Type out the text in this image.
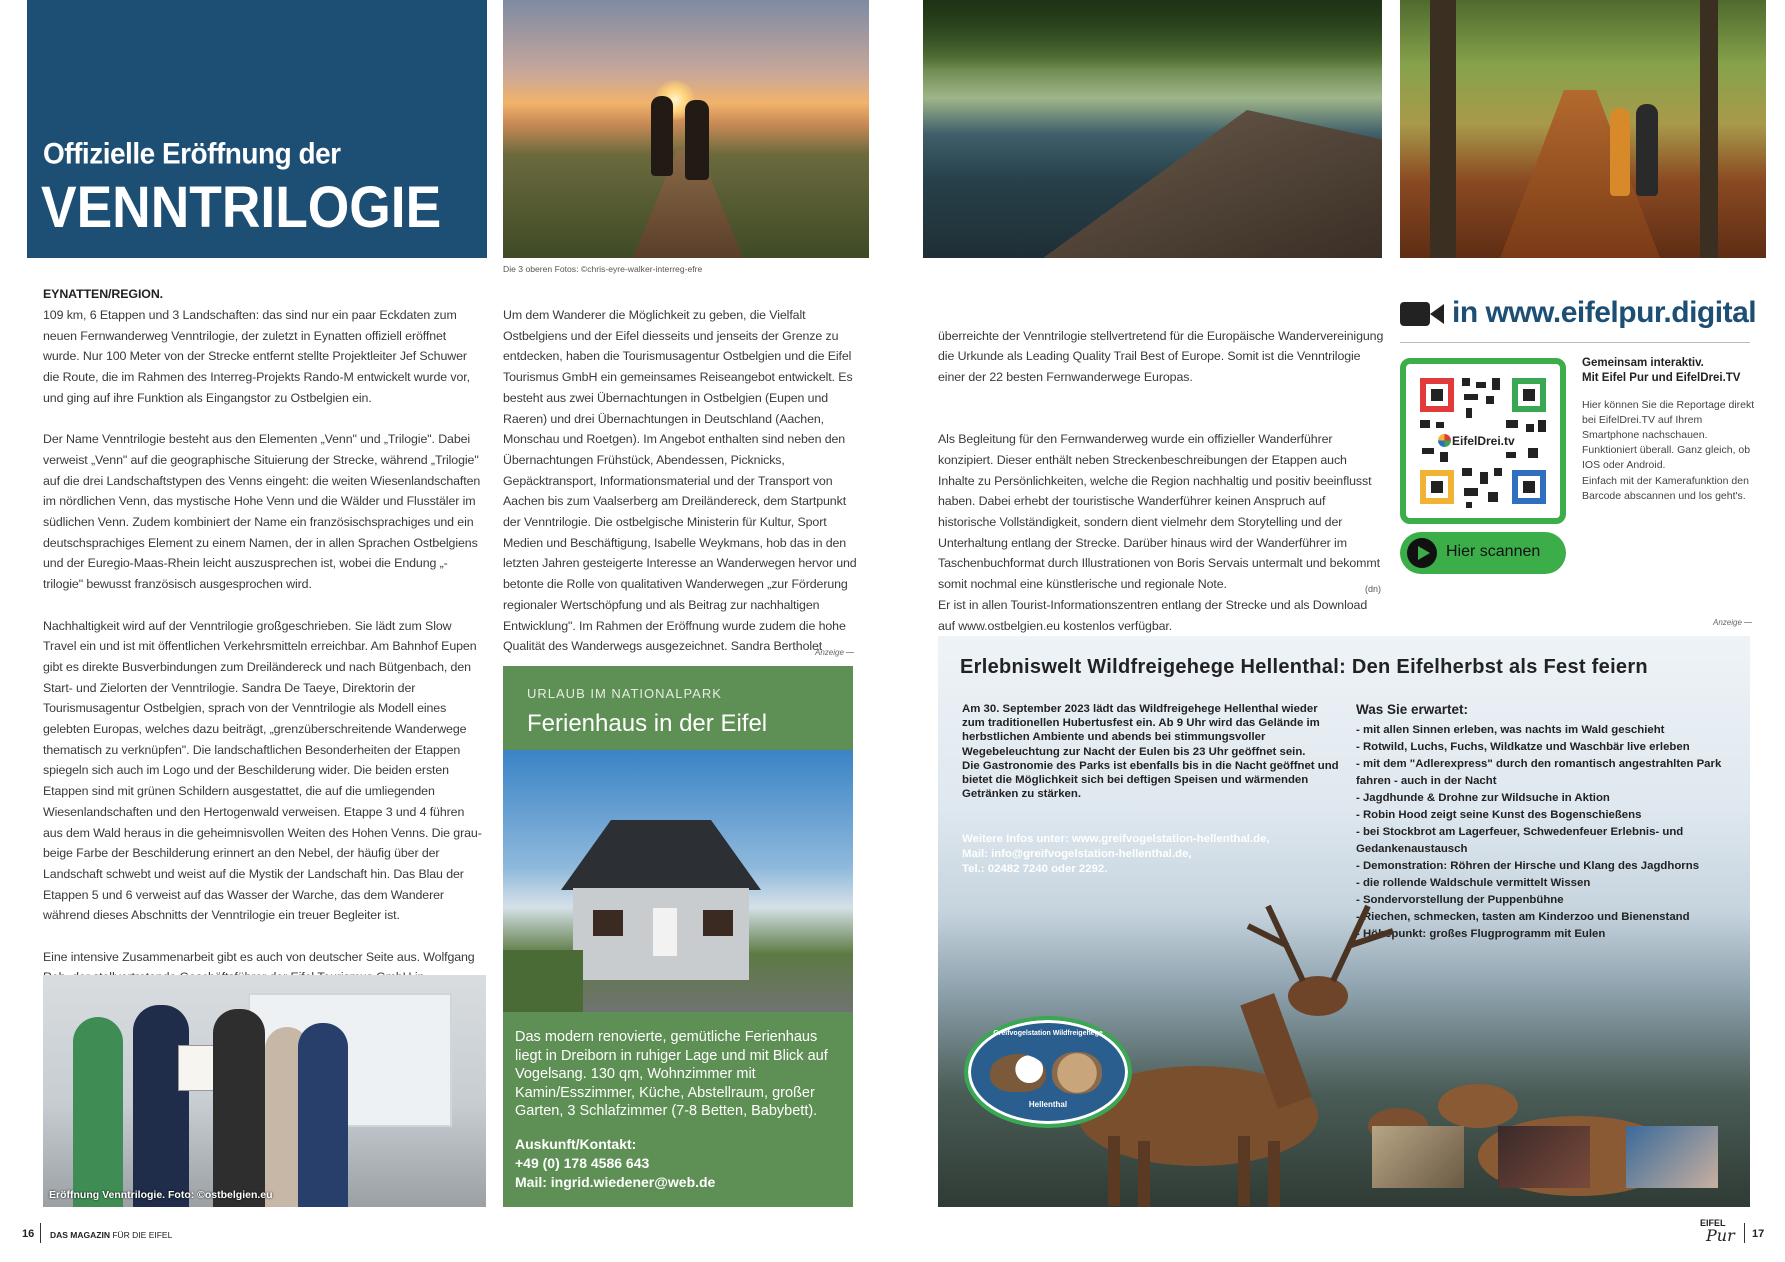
Offizielle Eröffnung der
VENNTRILOGIE
Die 3 oberen Fotos: ©chris-eyre-walker-interreg-efre
EYNATTEN/REGION.

109 km, 6 Etappen und 3 Landschaften: das sind nur ein paar Eckdaten zum neuen Fernwanderweg Venntrilogie, der zuletzt in Eynatten offiziell eröffnet wurde. Nur 100 Meter von der Strecke entfernt stellte Projektleiter Jef Schuwer die Route, die im Rahmen des Interreg-Projekts Rando-M entwickelt wurde vor, und ging auf ihre Funktion als Eingangstor zu Ostbelgien ein.

Der Name Venntrilogie besteht aus den Elementen „Venn" und „Trilogie". Dabei verweist „Venn" auf die geographische Situierung der Strecke, während „Trilogie" auf die drei Landschaftstypen des Venns eingeht: die weiten Wiesenlandschaften im nördlichen Venn, das mystische Hohe Venn und die Wälder und Flusstäler im südlichen Venn. Zudem kombiniert der Name ein französischsprachiges und ein deutschsprachiges Element zu einem Namen, der in allen Sprachen Ostbelgiens und der Euregio-Maas-Rhein leicht auszusprechen ist, wobei die Endung „-trilogie" bewusst französisch ausgesprochen wird.

Nachhaltigkeit wird auf der Venntrilogie großgeschrieben. Sie lädt zum Slow Travel ein und ist mit öffentlichen Verkehrsmitteln erreichbar. Am Bahnhof Eupen gibt es direkte Busverbindungen zum Dreiländereck und nach Bütgenbach, den Start- und Zielorten der Venntrilogie. Sandra De Taeye, Direktorin der Tourismusagentur Ostbelgien, sprach von der Venntrilogie als Modell eines gelebten Europas, welches dazu beiträgt, „grenzüberschreitende Wanderwege thematisch zu verknüpfen". Die landschaftlichen Besonderheiten der Etappen spiegeln sich auch im Logo und der Beschilderung wider. Die beiden ersten Etappen sind mit grünen Schildern ausgestattet, die auf die umliegenden Wiesenlandschaften und den Hertogenwald verweisen. Etappe 3 und 4 führen aus dem Wald heraus in die geheimnisvollen Weiten des Hohen Venns. Die grau-beige Farbe der Beschilderung erinnert an den Nebel, der häufig über der Landschaft schwebt und weist auf die Mystik der Landschaft hin. Das Blau der Etappen 5 und 6 verweist auf das Wasser der Warche, das dem Wanderer während dieses Abschnitts der Venntrilogie ein treuer Begleiter ist.

Eine intensive Zusammenarbeit gibt es auch von deutscher Seite aus. Wolfgang

Eröffnung Venntrilogie. Foto: ©ostbelgien.eu

Um dem Wanderer die Möglichkeit zu geben, die Vielfalt Ostbelgiens und der Eifel diesseits und jenseits der Grenze zu entdecken, haben die Tourismusagentur Ostbelgien und die Eifel Tourismus GmbH ein gemeinsames Reiseangebot entwickelt. Es besteht aus zwei Übernachtungen in Ostbelgien (Eupen und Raeren) und drei Übernachtungen in Deutschland (Aachen, Monschau und Roetgen). Im Angebot enthalten sind neben den Übernachtungen Frühstück, Abendessen, Picknicks, Gepäcktransport, Informationsmaterial und der Transport von Aachen bis zum Vaalserberg am Dreiländereck, dem Startpunkt der Venntrilogie. Die ostbelgische Ministerin für Kultur, Sport Medien und Beschäftigung, Isabelle Weykmans, hob das in den letzten Jahren gesteigerte Interesse an Wanderwegen hervor und betonte die Rolle von qualitativen Wanderwegen „zur Förderung regionaler Wertschöpfung und als Beitrag zur nachhaltigen Entwicklung". Im Rahmen der Eröffnung wurde zudem die hohe Qualität des Wanderwegs ausgezeichnet. Sandra Bertholet

Anzeige
URLAUB IM NATIONALPARK
Ferienhaus in der Eifel
Das modern renovierte, gemütliche Ferienhaus liegt in Dreiborn in ruhiger Lage und mit Blick auf Vogelsang. 130 qm, Wohnzimmer mit Kamin/Esszimmer, Küche, Abstellraum, großer Garten, 3 Schlafzimmer (7-8 Betten, Babybett).
Auskunft/Kontakt:
+49 (0) 178 4586 643
Mail: ingrid.wiedener@web.de
16 DAS MAGAZIN FÜR DIE EIFEL

überreichte der Venntrilogie stellvertretend für die Europäische Wandervereinigung die Urkunde als Leading Quality Trail Best of Europe. Somit ist die Venntrilogie einer der 22 besten Fernwanderwege Europas.

Als Begleitung für den Fernwanderweg wurde ein offizieller Wanderführer konzipiert. Dieser enthält neben Streckenbeschreibungen der Etappen auch Inhalte zu Persönlichkeiten, welche die Region nachhaltig und positiv beeinflusst haben. Dabei erhebt der touristische Wanderführer keinen Anspruch auf historische Vollständigkeit, sondern dient vielmehr dem Storytelling und der Unterhaltung entlang der Strecke. Darüber hinaus wird der Wanderführer im Taschenbuchformat durch Illustrationen von Boris Servais untermalt und bekommt somit nochmal eine künstlerische und regionale Note.
Er ist in allen Tourist-Informationszentren entlang der Strecke und als Download auf www.ostbelgien.eu kostenlos verfügbar.

(dn)
in www.eifelpur.digital
EifelDrei.tv
Hier scannen
Gemeinsam interaktiv.
Mit Eifel Pur und EifelDrei.TV
Hier können Sie die Reportage direkt bei EifelDrei.TV auf Ihrem Smartphone nachschauen. Funktioniert überall. Ganz gleich, ob IOS oder Android.
Einfach mit der Kamerafunktion den Barcode abscannen und los geht's.
Anzeige
Erlebniswelt Wildfreigehege Hellenthal: Den Eifelherbst als Fest feiern
Am 30. September 2023 lädt das Wildfreigehege Hellenthal wieder zum traditionellen Hubertusfest ein. Ab 9 Uhr wird das Gelände im herbstlichen Ambiente und abends bei stimmungsvoller Wegebeleuchtung zur Nacht der Eulen bis 23 Uhr geöffnet sein.
Die Gastronomie des Parks ist ebenfalls bis in die Nacht geöffnet und bietet die Möglichkeit sich bei deftigen Speisen und wärmenden Getränken zu stärken.
Weitere Infos unter: www.greifvogelstation-hellenthal.de,
Mail: info@greifvogelstation-hellenthal.de,
Tel.: 02482 7240 oder 2292.
Was Sie erwartet:
- mit allen Sinnen erleben, was nachts im Wald geschieht
- Rotwild, Luchs, Fuchs, Wildkatze und Waschbär live erleben
- mit dem "Adlerexpress" durch den romantisch angestrahlten Park fahren - auch in der Nacht
- Jagdhunde & Drohne zur Wildsuche in Aktion
- Robin Hood zeigt seine Kunst des Bogenschießens
- bei Stockbrot am Lagerfeuer, Schwedenfeuer Erlebnis- und Gedankenaustausch
- Demonstration: Röhren der Hirsche und Klang des Jagdhorns
- die rollende Waldschule vermittelt Wissen
- Sondervorstellung der Puppenbühne
- Riechen, schmecken, tasten am Kinderzoo und Bienenstand
- Höhepunkt: großes Flugprogramm mit Eulen
Greifvogelstation Wildfreigehege
Hellenthal
EIFEL
Pur	17
